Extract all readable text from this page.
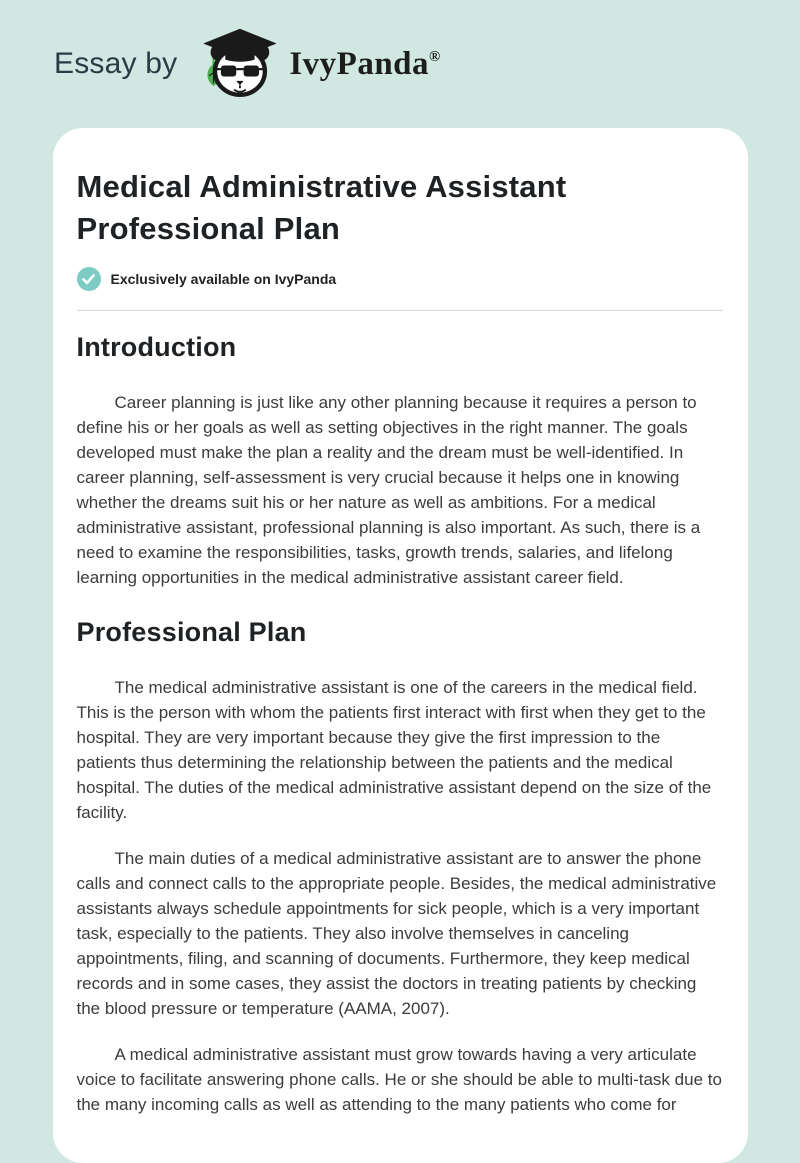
Essay by	IvyPanda®
Medical Administrative Assistant Professional Plan
Exclusively available on IvyPanda
Introduction

Career planning is just like any other planning because it requires a person to define his or her goals as well as setting objectives in the right manner. The goals developed must make the plan a reality and the dream must be well-identified. In career planning, self-assessment is very crucial because it helps one in knowing whether the dreams suit his or her nature as well as ambitions. For a medical administrative assistant, professional planning is also important. As such, there is a need to examine the responsibilities, tasks, growth trends, salaries, and lifelong learning opportunities in the medical administrative assistant career field.

Professional Plan

The medical administrative assistant is one of the careers in the medical field. This is the person with whom the patients first interact with first when they get to the hospital. They are very important because they give the first impression to the patients thus determining the relationship between the patients and the medical hospital. The duties of the medical administrative assistant depend on the size of the facility.

The main duties of a medical administrative assistant are to answer the phone calls and connect calls to the appropriate people. Besides, the medical administrative assistants always schedule appointments for sick people, which is a very important task, especially to the patients. They also involve themselves in canceling appointments, filing, and scanning of documents. Furthermore, they keep medical records and in some cases, they assist the doctors in treating patients by checking the blood pressure or temperature (AAMA, 2007).

A medical administrative assistant must grow towards having a very articulate voice to facilitate answering phone calls. He or she should be able to multi-task due to the many incoming calls as well as attending to the many patients who come for
